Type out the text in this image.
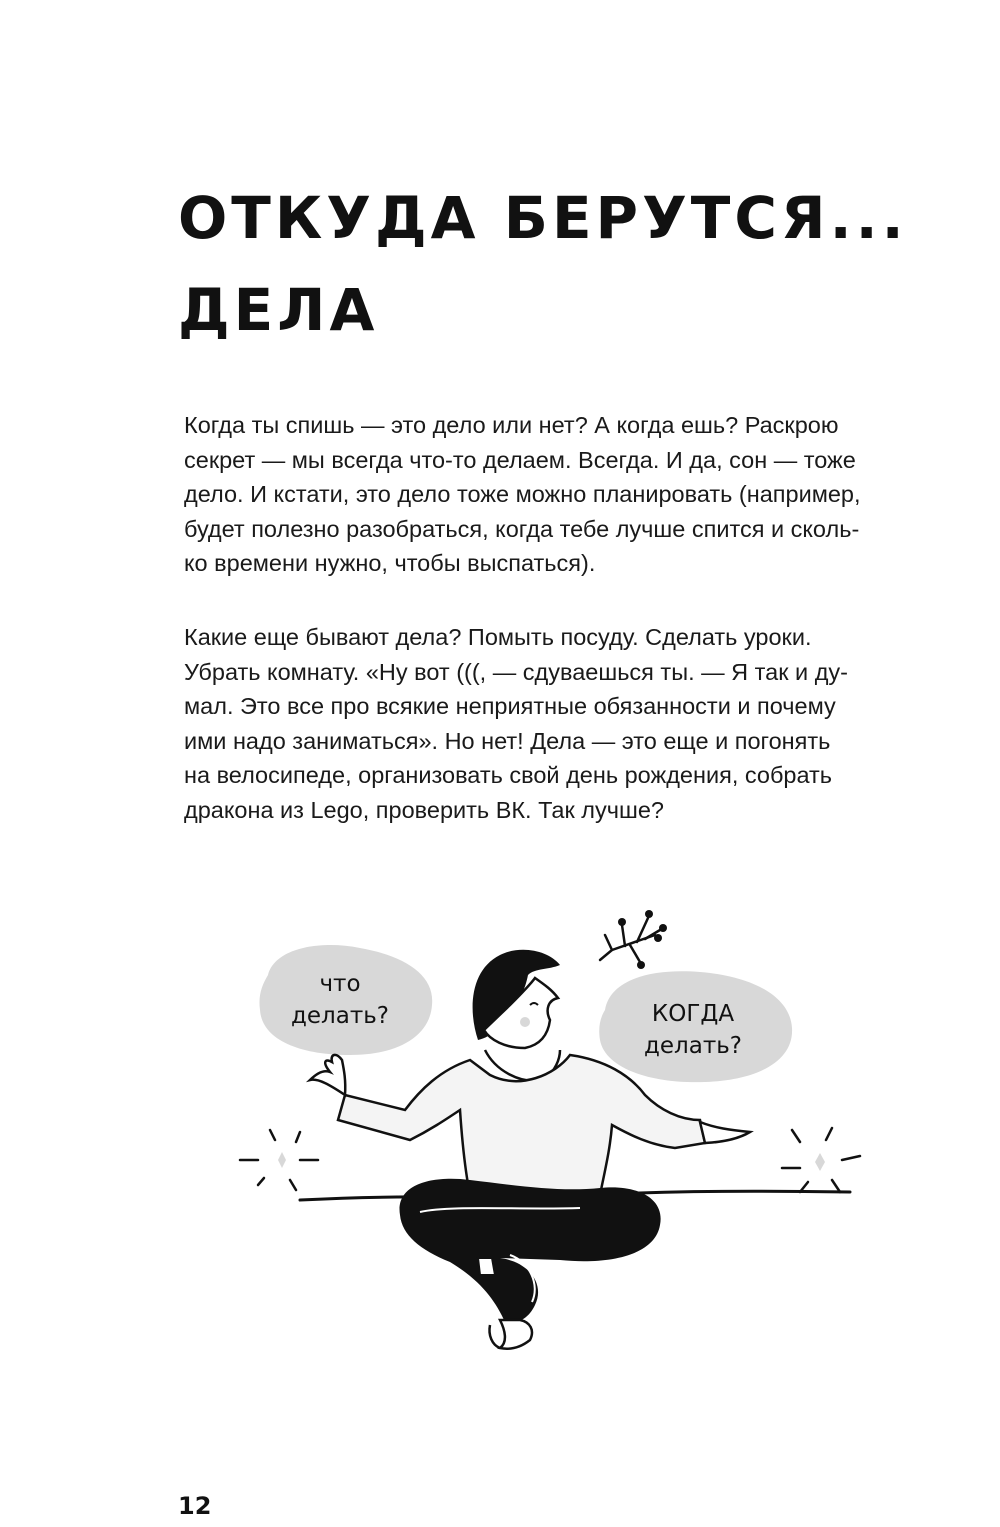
ОТКУДА БЕРУТСЯ...
ДЕЛА
Когда ты спишь — это дело или нет? А когда ешь? Раскрою
секрет — мы всегда что-то делаем. Всегда. И да, сон — тоже
дело. И кстати, это дело тоже можно планировать (например,
будет полезно разобраться, когда тебе лучше спится и сколь-
ко времени нужно, чтобы выспаться).
Какие еще бывают дела? Помыть посуду. Сделать уроки.
Убрать комнату. «Ну вот (((, — сдуваешься ты. — Я так и ду-
мал. Это все про всякие неприятные обязанности и почему
ими надо заниматься». Но нет! Дела — это еще и погонять
на велосипеде, организовать свой день рождения, собрать
дракона из Lego, проверить ВК. Так лучше?
что
делать?	КОГДА
делать?
12
